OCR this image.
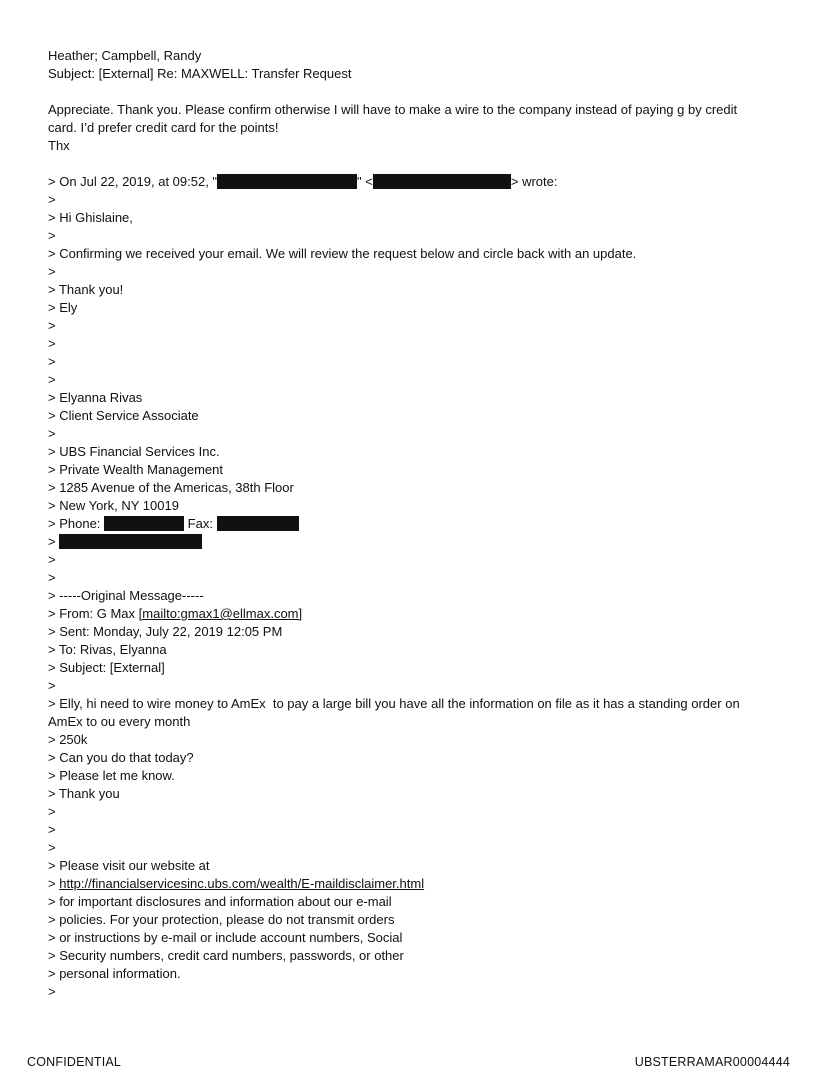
Heather; Campbell, Randy
Subject: [External] Re: MAXWELL: Transfer Request
Appreciate. Thank you. Please confirm otherwise I will have to make a wire to the company instead of paying g by credit
card. I’d prefer credit card for the points!
Thx
> On Jul 22, 2019, at 09:52, "	" <	> wrote:
>
> Hi Ghislaine,
>
> Confirming we received your email. We will review the request below and circle back with an update.
>
> Thank you!
> Ely
>
>
>
>
> Elyanna Rivas
> Client Service Associate
>
> UBS Financial Services Inc.
> Private Wealth Management
> 1285 Avenue of the Americas, 38th Floor
> New York, NY 10019
> Phone:	Fax:
>
>
>
> -----Original Message-----
> From: G Max [mailto:gmax1@ellmax.com]
> Sent: Monday, July 22, 2019 12:05 PM
> To: Rivas, Elyanna
> Subject: [External]
>
> Elly, hi need to wire money to AmEx  to pay a large bill you have all the information on file as it has a standing order on
AmEx to ou every month
> 250k
> Can you do that today?
> Please let me know.
> Thank you
>
>
>
> Please visit our website at
> http://financialservicesinc.ubs.com/wealth/E-maildisclaimer.html
> for important disclosures and information about our e-mail
> policies. For your protection, please do not transmit orders
> or instructions by e-mail or include account numbers, Social
> Security numbers, credit card numbers, passwords, or other
> personal information.
>
CONFIDENTIAL	UBSTERRAMAR00004444
